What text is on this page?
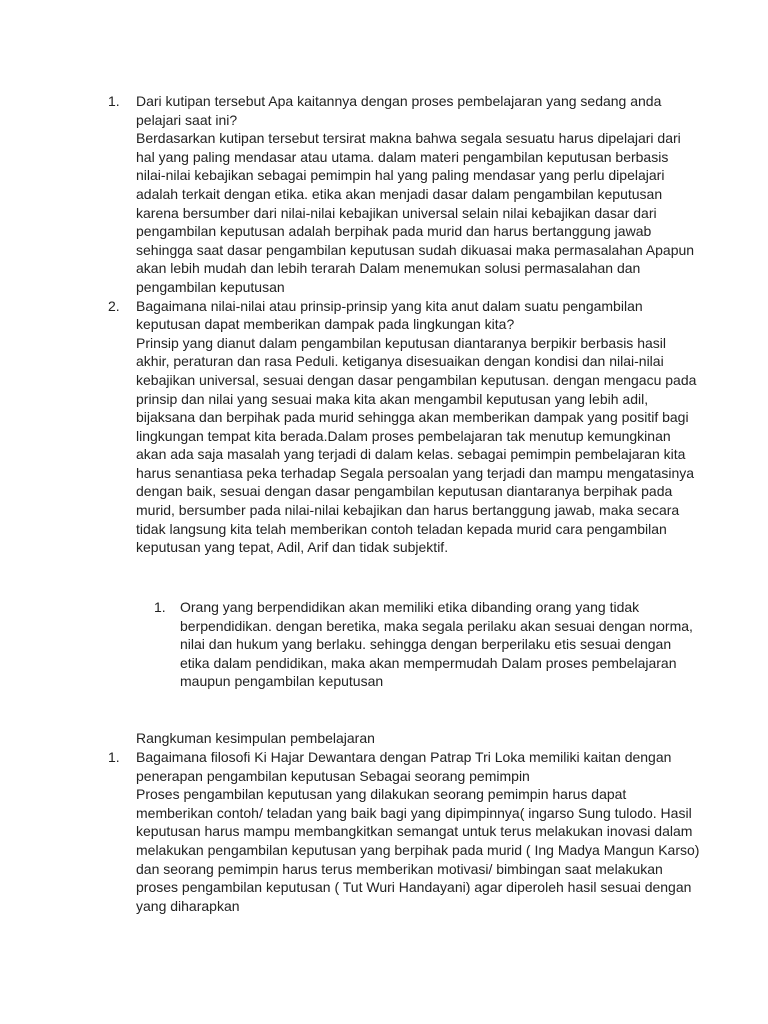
1. Dari kutipan tersebut Apa kaitannya dengan proses pembelajaran yang sedang anda pelajari saat ini?
Berdasarkan kutipan tersebut tersirat makna bahwa segala sesuatu harus dipelajari dari hal yang paling mendasar atau utama. dalam materi pengambilan keputusan berbasis nilai-nilai kebajikan sebagai pemimpin hal yang paling mendasar yang perlu dipelajari adalah terkait dengan etika. etika akan menjadi dasar dalam pengambilan keputusan karena bersumber dari nilai-nilai kebajikan universal selain nilai kebajikan dasar dari pengambilan keputusan adalah berpihak pada murid dan harus bertanggung jawab sehingga saat dasar pengambilan keputusan sudah dikuasai maka permasalahan Apapun akan lebih mudah dan lebih terarah Dalam menemukan solusi permasalahan dan pengambilan keputusan
2. Bagaimana nilai-nilai atau prinsip-prinsip yang kita anut dalam suatu pengambilan keputusan dapat memberikan dampak pada lingkungan kita?
Prinsip yang dianut dalam pengambilan keputusan diantaranya berpikir berbasis hasil akhir, peraturan dan rasa Peduli. ketiganya disesuaikan dengan kondisi dan nilai-nilai kebajikan universal, sesuai dengan dasar pengambilan keputusan. dengan mengacu pada prinsip dan nilai yang sesuai maka kita akan mengambil keputusan yang lebih adil, bijaksana dan berpihak pada murid sehingga akan memberikan dampak yang positif bagi lingkungan tempat kita berada.Dalam proses pembelajaran tak menutup kemungkinan akan ada saja masalah yang terjadi di dalam kelas. sebagai pemimpin pembelajaran kita harus senantiasa peka terhadap Segala persoalan yang terjadi dan mampu mengatasinya dengan baik, sesuai dengan dasar pengambilan keputusan diantaranya berpihak pada murid, bersumber pada nilai-nilai kebajikan dan harus bertanggung jawab, maka secara tidak langsung kita telah memberikan contoh teladan kepada murid cara pengambilan keputusan yang tepat, Adil, Arif dan tidak subjektif.
1. Orang yang berpendidikan akan memiliki etika dibanding orang yang tidak berpendidikan. dengan beretika, maka segala perilaku akan sesuai dengan norma, nilai dan hukum yang berlaku. sehingga dengan berperilaku etis sesuai dengan etika dalam pendidikan, maka akan mempermudah Dalam proses pembelajaran maupun pengambilan keputusan
Rangkuman kesimpulan pembelajaran
1. Bagaimana filosofi Ki Hajar Dewantara dengan Patrap Tri Loka memiliki kaitan dengan penerapan pengambilan keputusan Sebagai seorang pemimpin
Proses pengambilan keputusan yang dilakukan seorang pemimpin harus dapat memberikan contoh/ teladan yang baik bagi yang dipimpinnya( ingarso Sung tulodo. Hasil keputusan harus mampu membangkitkan semangat untuk terus melakukan inovasi dalam melakukan pengambilan keputusan yang berpihak pada murid ( Ing Madya Mangun Karso) dan seorang pemimpin harus terus memberikan motivasi/ bimbingan saat melakukan proses pengambilan keputusan ( Tut Wuri Handayani) agar diperoleh hasil sesuai dengan yang diharapkan
